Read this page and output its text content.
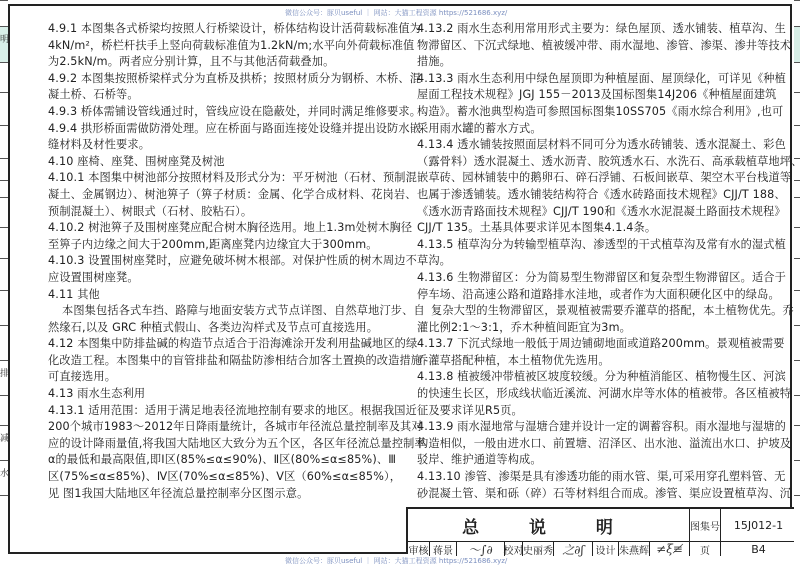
明
排
减
水
微信公众号：豚贝useful ｜ 网站：大猫工程资源 https://521686.xyz/
4.9.1 本图集各式桥梁均按照人行桥梁设计，桥体结构设计活荷载标准值为
4kN/m²，桥栏杆扶手上竖向荷载标准值为1.2kN/m;水平向外荷载标准值
为2.5kN/m。两者应分别计算，且不与其他活荷载叠加。
4.9.2 本图集按照桥梁样式分为直桥及拱桥；按照材质分为钢桥、木桥、混
凝土桥、石桥等。
4.9.3 桥体需铺设管线通过时，管线应设在隐蔽处，并同时满足维修要求。
4.9.4 拱形桥面需做防滑处理。应在桥面与路面连接处设缝并提出设防水嵌
缝材料及材性要求。
4.10 座椅、座凳、围树座凳及树池
4.10.1 本图集中树池部分按照材料及形式分为：平牙树池（石材、预制混
凝土、金属钢边）、树池箅子（箅子材质：金属、化学合成材料、花岗岩、
预制混凝土）、树眼式（石材、胶粘石）。
4.10.2 树池箅子及围树座凳应配合树木胸径选用。地上1.3m处树木胸径
至箅子内边缘之间大于200mm,距离座凳内边缘宜大于300mm。
4.10.3 设置围树座凳时，应避免破坏树木根部。对保护性质的树木周边不
应设置围树座凳。
4.11 其他
本图集包括各式车挡、路障与地面安装方式节点详图、自然草地汀步、自
然缘石,以及 GRC 种植式假山、各类边沟样式及节点可直接选用。
4.12 本图集中防排盐碱的构造节点适合于沿海滩涂开发利用盐碱地区的绿
化改造工程。本图集中的盲管排盐和隔盐防渗相结合加客土置换的改造措施
可直接选用。
4.13 雨水生态利用
4.13.1 适用范围：适用于满足地表径流地控制有要求的地区。根据我国近
200个城市1983～2012年日降雨量统计，各城市年径流总量控制率及其对
应的设计降雨量值,将我国大陆地区大致分为五个区，各区年径流总量控制率
α的最低和最高限值,即Ⅰ区(85%≤α≤90%)、Ⅱ区(80%≤α≤85%)、Ⅲ
区(75%≤α≤85%)、Ⅳ区(70%≤α≤85%)、Ⅴ区（60%≤α≤85%），
见 图1我国大陆地区年径流总量控制率分区图示意。
4.13.2 雨水生态利用常用形式主要为：绿色屋顶、透水铺装、植草沟、生
物滞留区、下沉式绿地、植被缓冲带、雨水湿地、渗管、渗渠、渗井等技术
措施。
4.13.3 雨水生态利用中绿色屋顶即为种植屋面、屋顶绿化，可详见《种植
屋面工程技术规程》JGJ 155－2013及国标图集14J206《种植屋面建筑
构造》。蓄水池典型构造可参照国标图集10SS705《雨水综合利用》,也可
采用雨水罐的蓄水方式。
4.13.4 透水铺装按照面层材料不同可分为透水砖铺装、透水混凝土、彩色
（露骨料）透水混凝土、透水沥青、胶筑透水石、水洗石、高承载植草地坪、
嵌草砖、园林铺装中的鹅卵石、碎石浮铺、石板间嵌草、架空木平台栈道等
也属于渗透铺装。透水铺装结构符合《透水砖路面技术规程》CJJ/T 188、
《透水沥青路面技术规程》CJJ/T 190和《透水水泥混凝土路面技术规程》
CJJ/T 135。土基具体要求详见本图集4.1.4条。
4.13.5 植草沟分为转输型植草沟、渗透型的干式植草沟及常有水的湿式植
草沟。
4.13.6 生物滞留区：分为简易型生物滞留区和复杂型生物滞留区。适合于
停车场、沿高速公路和道路排水洼地，或者作为大面积硬化区中的绿岛。
复杂大型的生物滞留区，景观植被需要乔灌草的搭配，本土植物优先。乔
灌比例2:1～3:1，乔木种植间距宜为3m。
4.13.7 下沉式绿地一般低于周边铺砌地面或道路200mm。景观植被需要
乔灌草搭配种植，本土植物优先选用。
4.13.8 植被缓冲带植被区坡度较缓。分为种植消能区、植物慢生区、河滨
的快速生长区，形成线状临近溪流、河湖水岸等水体的植被带。各区植被特
征及要求详见R5页。
4.13.9 雨水湿地常与湿塘合建并设计一定的调蓄容积。雨水湿地与湿塘的
构造相似，一般由进水口、前置塘、沼泽区、出水池、溢流出水口、护坡及
驳岸、维护通道等构成。
4.13.10 渗管、渗渠是具有渗透功能的雨水管、渠,可采用穿孔塑料管、无
砂混凝土管、渠和砾（碎）石等材料组合而成。渗管、渠应设置植草沟、沉
总 说 明	图集号	15J012-1
审核 蒋景 ～∫∂ 校对 史丽秀 之∂ʃ	设计 朱燕辉 ≠ξ≢	页	B4
微信公众号：豚贝useful ｜ 网站：大猫工程资源 https://521686.xyz/
